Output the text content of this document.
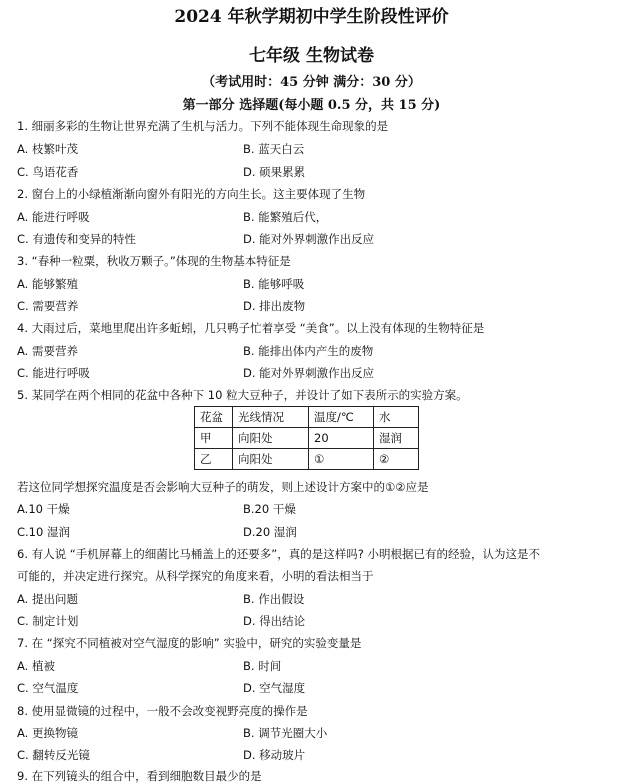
2024 年秋学期初中学生阶段性评价
七年级 生物试卷
（考试用时：45 分钟 满分：30 分）
第一部分 选择题(每小题 0.5 分，共 15 分)
1. 细丽多彩的生物让世界充满了生机与活力。下列不能体现生命现象的是
A. 枝繁叶茂	B. 蓝天白云
C. 鸟语花香	D. 硕果累累
2. 窗台上的小绿植渐渐向窗外有阳光的方向生长。这主要体现了生物
A. 能进行呼吸	B. 能繁殖后代，
C. 有遗传和变异的特性	D. 能对外界刺激作出反应
3. “春种一粒粟，秋收万颗子。”体现的生物基本特征是
A. 能够繁殖	B. 能够呼吸
C. 需要营养	D. 排出废物
4. 大雨过后，菜地里爬出许多蚯蚓，几只鸭子忙着享受 “美食”。以上没有体现的生物特征是
A. 需要营养	B. 能排出体内产生的废物
C. 能进行呼吸	D. 能对外界刺激作出反应
5. 某同学在两个相同的花盆中各种下 10 粒大豆种子，并设计了如下表所示的实验方案。
花盆	光线情况	温度/℃	水
甲	向阳处	20	湿润
乙	向阳处	①	②
若这位同学想探究温度是否会影响大豆种子的萌发，则上述设计方案中的①②应是
A.10 干燥	B.20 干燥
C.10 湿润	D.20 湿润
6. 有人说 “手机屏幕上的细菌比马桶盖上的还要多”，真的是这样吗? 小明根据已有的经验，认为这是不
可能的，并决定进行探究。从科学探究的角度来看，小明的看法相当于
A. 提出问题	B. 作出假设
C. 制定计划	D. 得出结论
7. 在 “探究不同植被对空气湿度的影响” 实验中，研究的实验变量是
A. 植被	B. 时间
C. 空气温度	D. 空气湿度
8. 使用显微镜的过程中，一般不会改变视野亮度的操作是
A. 更换物镜	B. 调节光圈大小
C. 翻转反光镜	D. 移动玻片
9. 在下列镜头的组合中，看到细胞数目最少的是
